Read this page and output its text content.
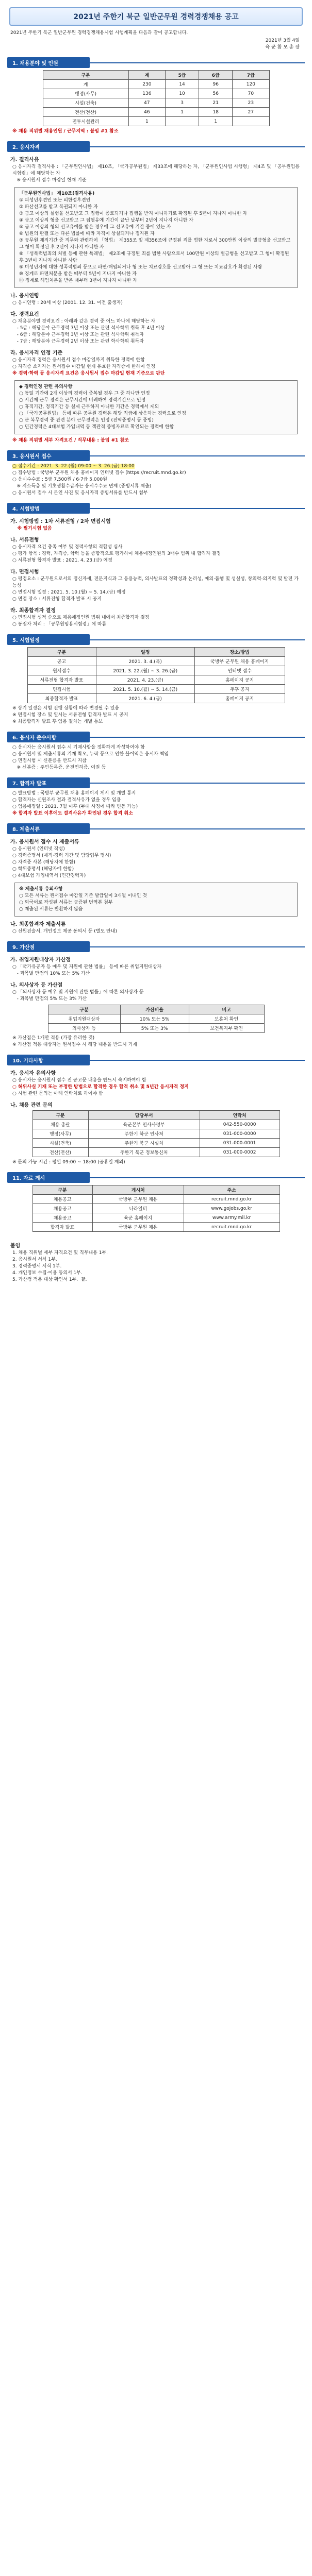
2021년 주한기 북군 일반군무원 경력경쟁채용 공고
2021년 주한기 북군 일반군무원 경력경쟁채용시험 시행계획을 다음과 같이 공고합니다.
2021년 3월 4일
육 군 참 모 총 장
1. 채용분야 및 인원
구분	계	5급	6급	7급
계	230	14	96	120
행정(사무)	136	10	56	70
시설(건축)	47	3	21	23
전산(전산)	46	1	18	27
전투시설관리	1		1	
※ 채용 직위별 채용인원 / 근무지역 : 붙임 #1 참조
2. 응시자격
가. 결격사유
○ 응시자격 결격사유 : 「군무원인사법」 제10조, 「국가공무원법」 제33조에 해당하는 자, 「군무원인사법 시행령」 제4조 및 「공무원임용시험령」에 해당하는 자
※ 응시원서 접수 마감일 현재 기준
「군무원인사법」 제10조(결격사유)
① 피성년후견인 또는 피한정후견인
② 파산선고를 받고 복권되지 아니한 자
③ 금고 이상의 실형을 선고받고 그 집행이 종료되거나 집행을 받지 아니하기로 확정된 후 5년이 지나지 아니한 자
④ 금고 이상의 형을 선고받고 그 집행유예 기간이 끝난 날부터 2년이 지나지 아니한 자
⑤ 금고 이상의 형의 선고유예를 받은 경우에 그 선고유예 기간 중에 있는 자
⑥ 법원의 판결 또는 다른 법률에 따라 자격이 상실되거나 정지된 자
⑦ 공무원 재직기간 중 직무와 관련하여 「형법」 제355조 및 제356조에 규정된 죄를 범한 자로서 300만원 이상의 벌금형을 선고받고 그 형이 확정된 후 2년이 지나지 아니한 자
⑧ 「성폭력범죄의 처벌 등에 관한 특례법」 제2조에 규정된 죄를 범한 사람으로서 100만원 이상의 벌금형을 선고받고 그 형이 확정된 후 3년이 지나지 아니한 사람
⑨ 미성년자에 대한 성폭력범죄 등으로 파면·해임되거나 형 또는 치료감호를 선고받아 그 형 또는 치료감호가 확정된 사람
⑩ 징계로 파면처분을 받은 때부터 5년이 지나지 아니한 자
⑪ 징계로 해임처분을 받은 때부터 3년이 지나지 아니한 자
나. 응시연령
○ 응시연령 : 20세 이상 (2001. 12. 31. 이전 출생자)
다. 경력요건
○ 채용분야별 경력요건 : 아래와 같은 경력 중 어느 하나에 해당하는 자
- 5급 : 해당분야 근무경력 7년 이상 또는 관련 석사학위 취득 후 4년 이상
- 6급 : 해당분야 근무경력 3년 이상 또는 관련 석사학위 취득자
- 7급 : 해당분야 근무경력 2년 이상 또는 관련 학사학위 취득자
라. 응시자격 인정 기준
○ 응시자격 경력은 응시원서 접수 마감일까지 취득한 경력에 한함
○ 자격증 소지자는 원서접수 마감일 현재 유효한 자격증에 한하여 인정
※ 경력·학력 등 응시자격 요건은 응시원서 접수 마감일 현재 기준으로 판단
◆ 경력인정 관련 유의사항
○ 동일 기간에 2개 이상의 경력이 중복될 경우 그 중 하나만 인정
○ 시간제 근무 경력은 근무시간에 비례하여 경력기간으로 인정
○ 휴직기간, 정직기간 등 실제 근무하지 아니한 기간은 경력에서 제외
○ 「국가공무원법」 등에 따른 공무원 경력은 해당 직급에 상응하는 경력으로 인정
○ 군 복무경력 중 관련 분야 근무경력은 인정 (전역증명서 등 증빙)
○ 민간경력은 4대보험 가입내역 등 객관적 증빙자료로 확인되는 경력에 한함
※ 채용 직위별 세부 자격요건 / 직무내용 : 붙임 #1 참조
3. 응시원서 접수
○ 접수기간 : 2021. 3. 22.(월) 09:00 ~ 3. 26.(금) 18:00
○ 접수방법 : 국방부 군무원 채용 홈페이지 인터넷 접수 (https://recruit.mnd.go.kr)
○ 응시수수료 : 5급 7,500원 / 6·7급 5,000원
※ 저소득층 및 기초생활수급자는 응시수수료 면제 (증빙서류 제출)
○ 응시원서 접수 시 본인 사진 및 응시자격 증빙서류를 반드시 첨부
4. 시험방법
가. 시험방법 : 1차 서류전형 / 2차 면접시험
※ 필기시험 없음
나. 서류전형
○ 응시자격 요건 충족 여부 및 경력사항의 적합성 심사
○ 평가 항목 : 경력, 자격증, 학력 등을 종합적으로 평가하여 채용예정인원의 3배수 범위 내 합격자 결정
○ 서류전형 합격자 발표 : 2021. 4. 23.(금) 예정
다. 면접시험
○ 평정요소 : 군무원으로서의 정신자세, 전문지식과 그 응용능력, 의사발표의 정확성과 논리성, 예의·품행 및 성실성, 창의력·의지력 및 발전 가능성
○ 면접시험 일정 : 2021. 5. 10.(월) ~ 5. 14.(금) 예정
○ 면접 장소 : 서류전형 합격자 발표 시 공지
라. 최종합격자 결정
○ 면접시험 성적 순으로 채용예정인원 범위 내에서 최종합격자 결정
○ 동점자 처리 : 「공무원임용시험령」에 따름
5. 시험일정
구분	일정	장소/방법
공고	2021. 3. 4.(목)	국방부 군무원 채용 홈페이지
원서접수	2021. 3. 22.(월) ~ 3. 26.(금)	인터넷 접수
서류전형 합격자 발표	2021. 4. 23.(금)	홈페이지 공지
면접시험	2021. 5. 10.(월) ~ 5. 14.(금)	추후 공지
최종합격자 발표	2021. 6. 4.(금)	홈페이지 공지
※ 상기 일정은 시험 진행 상황에 따라 변경될 수 있음
※ 면접시험 장소 및 일시는 서류전형 합격자 발표 시 공지
※ 최종합격자 발표 후 임용 절차는 개별 통보
6. 응시자 준수사항
○ 응시자는 응시원서 접수 시 기재사항을 정확하게 작성하여야 함
○ 응시원서 및 제출서류의 기재 착오, 누락 등으로 인한 불이익은 응시자 책임
○ 면접시험 시 신분증을 반드시 지참
※ 신분증 : 주민등록증, 운전면허증, 여권 등
7. 합격자 발표
○ 발표방법 : 국방부 군무원 채용 홈페이지 게시 및 개별 통지
○ 합격자는 신원조사 결과 결격사유가 없을 경우 임용
○ 임용예정일 : 2021. 7월 이후 (부대 사정에 따라 변동 가능)
※ 합격자 발표 이후에도 결격사유가 확인된 경우 합격 취소
8. 제출서류
가. 응시원서 접수 시 제출서류
○ 응시원서 (인터넷 작성)
○ 경력증명서 (재직·경력 기간 및 담당업무 명시)
○ 자격증 사본 (해당자에 한함)
○ 학위증명서 (해당자에 한함)
○ 4대보험 가입내역서 (민간경력자)
※ 제출서류 유의사항
○ 모든 서류는 원서접수 마감일 기준 발급일이 3개월 이내인 것
○ 외국어로 작성된 서류는 공증된 번역본 첨부
○ 제출된 서류는 반환하지 않음
나. 최종합격자 제출서류
○ 신원진술서, 개인정보 제공 동의서 등 (별도 안내)
9. 가산점
가. 취업지원대상자 가산점
○ 「국가유공자 등 예우 및 지원에 관한 법률」 등에 따른 취업지원대상자
- 과목별 만점의 10% 또는 5% 가산
나. 의사상자 등 가산점
○ 「의사상자 등 예우 및 지원에 관한 법률」에 따른 의사상자 등
- 과목별 만점의 5% 또는 3% 가산
구분	가산비율	비고
취업지원대상자	10% 또는 5%	보훈처 확인
의사상자 등	5% 또는 3%	보건복지부 확인
※ 가산점은 1개만 적용 (가장 유리한 것)
※ 가산점 적용 대상자는 원서접수 시 해당 내용을 반드시 기재
10. 기타사항
가. 응시자 유의사항
○ 응시자는 응시원서 접수 전 공고문 내용을 반드시 숙지하여야 함
○ 허위사실 기재 또는 부정한 방법으로 합격한 경우 합격 취소 및 5년간 응시자격 정지
○ 시험 관련 문의는 아래 연락처로 하여야 함
나. 채용 관련 문의
구분	담당부서	연락처
채용 총괄	육군본부 인사사령부	042-550-0000
행정(사무)	주한기 북군 인사처	031-000-0000
시설(건축)	주한기 북군 시설처	031-000-0001
전산(전산)	주한기 북군 정보통신처	031-000-0002
※ 문의 가능 시간 : 평일 09:00 ~ 18:00 (공휴일 제외)
11. 자료 게시
구분	게시처	주소
채용공고	국방부 군무원 채용	recruit.mnd.go.kr
채용공고	나라일터	www.gojobs.go.kr
채용공고	육군 홈페이지	www.army.mil.kr
합격자 발표	국방부 군무원 채용	recruit.mnd.go.kr
붙임
1. 채용 직위별 세부 자격요건 및 직무내용 1부.
2. 응시원서 서식 1부.
3. 경력증명서 서식 1부.
4. 개인정보 수집·이용 동의서 1부.
5. 가산점 적용 대상 확인서 1부.  끝.
